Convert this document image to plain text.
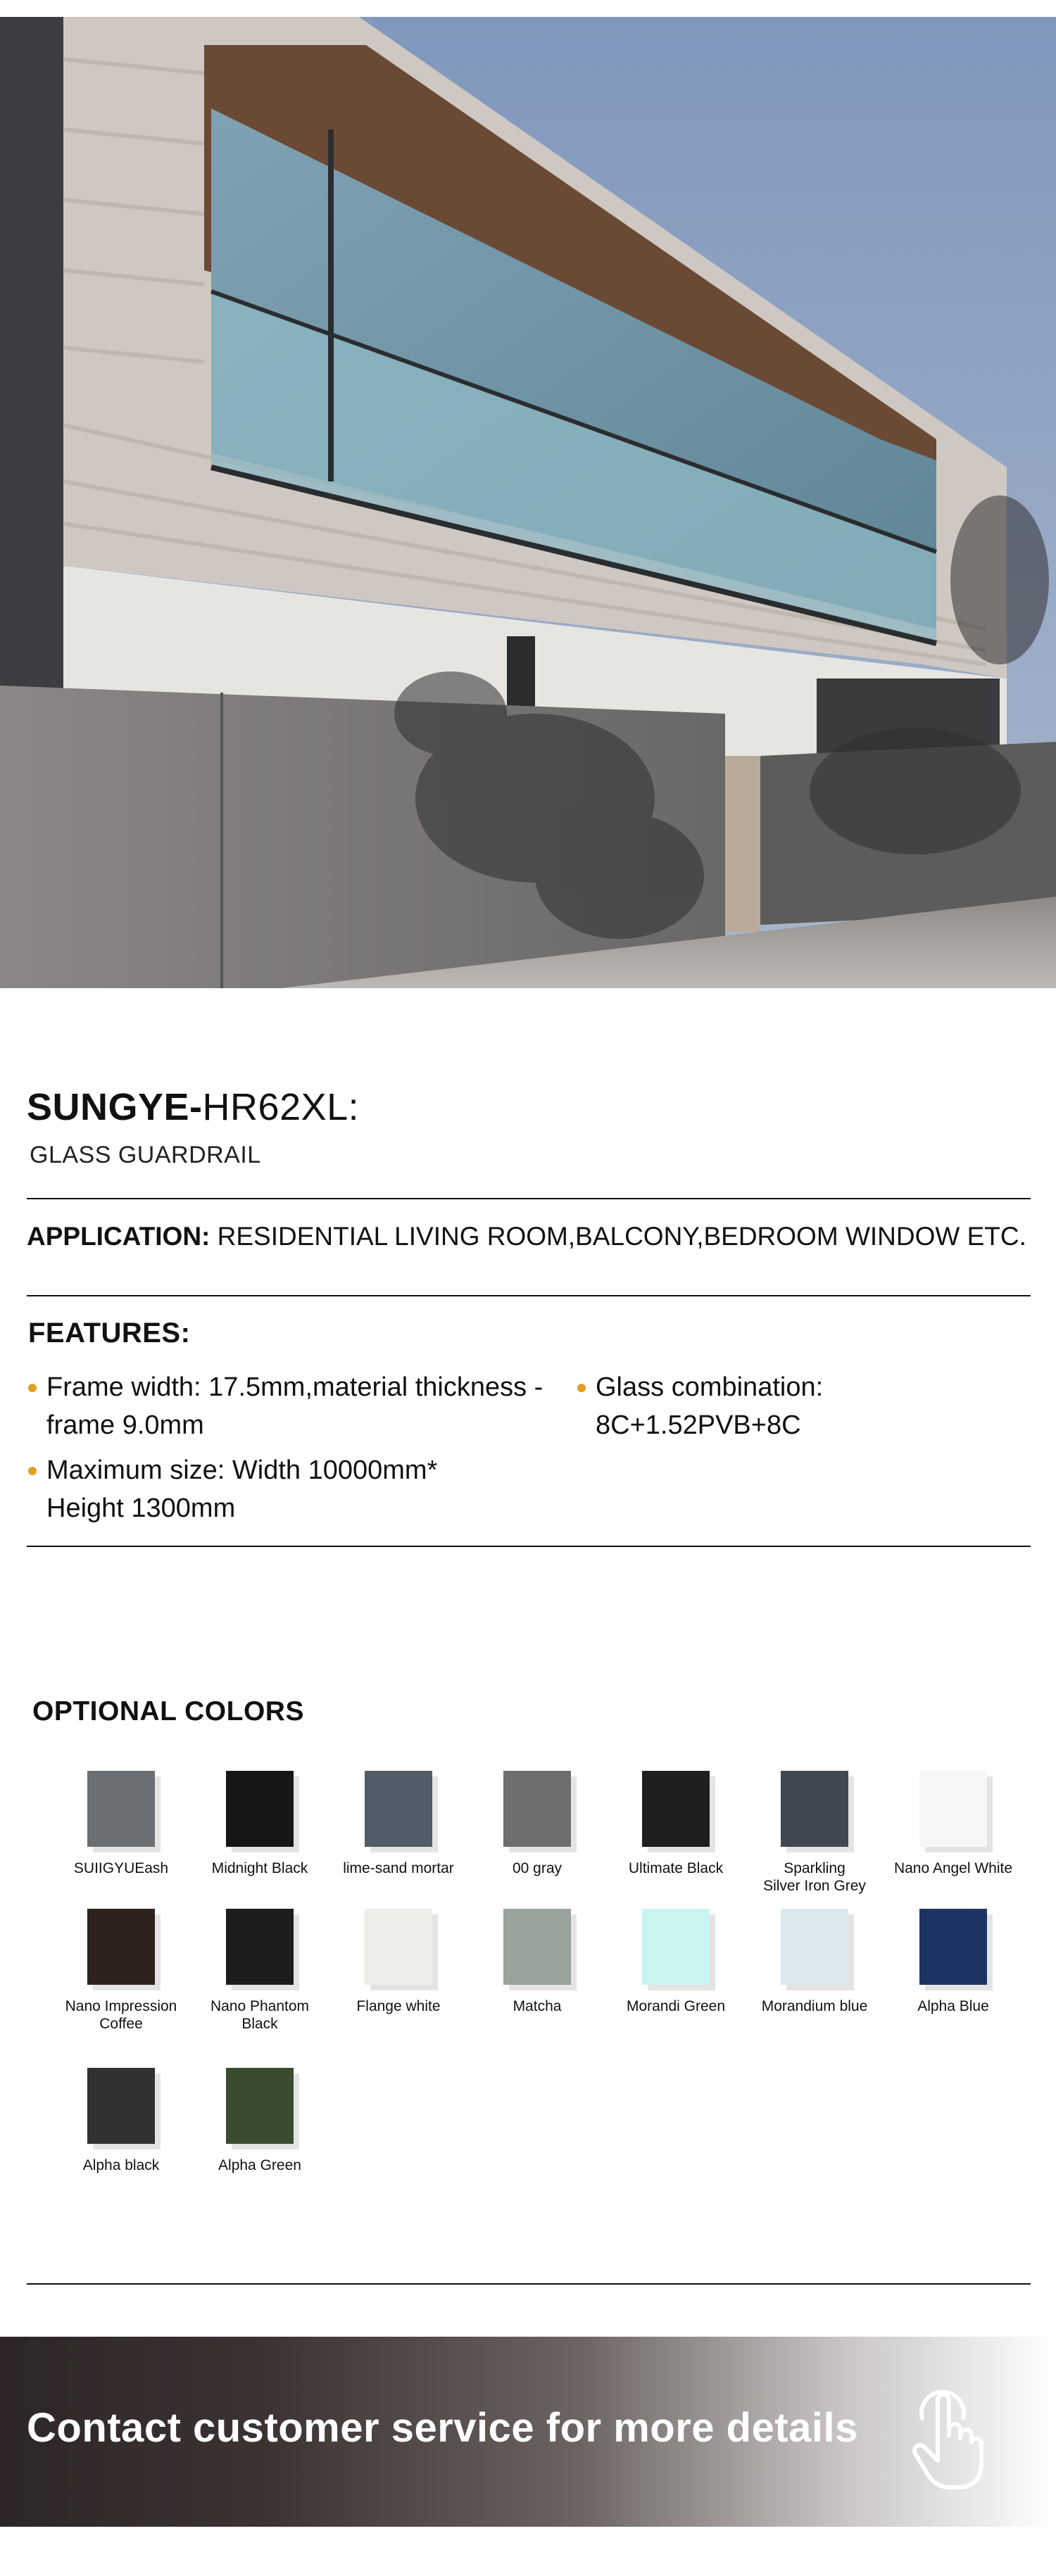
SUNGYE-HR62XL:
GLASS GUARDRAIL
APPLICATION: RESIDENTIAL LIVING ROOM,BALCONY,BEDROOM WINDOW ETC.
FEATURES:
Frame width: 17.5mm,material thickness -
frame 9.0mm
Glass combination:
8C+1.52PVB+8C
Maximum size: Width 10000mm*
Height 1300mm
OPTIONAL COLORS
SUIIGYUEash	Midnight Black	lime-sand mortar	00 gray	Ultimate Black	Sparkling
Silver Iron Grey
Nano Angel White
Nano Impression
Coffee
Nano Phantom
Black
Flange white	Matcha	Morandi Green	Morandium blue	Alpha Blue
Alpha black	Alpha Green
Contact customer service for more details
